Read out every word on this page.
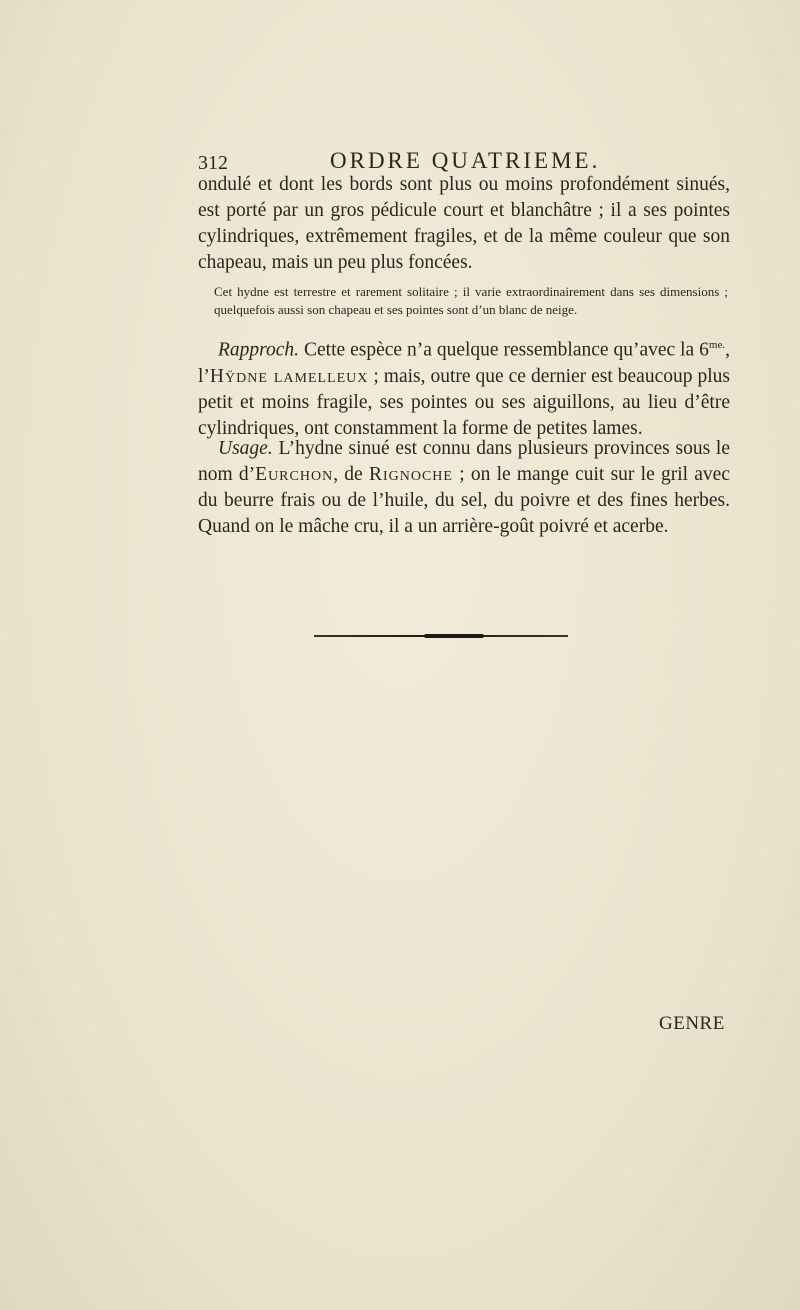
312	ORDRE QUATRIEME.

ondulé et dont les bords sont plus ou moins profondément sinués, est porté par un gros pédicule court et blanchâtre ; il a ses pointes cylindriques, extrêmement fragiles, et de la même couleur que son chapeau, mais un peu plus foncées.

Cet hydne est terrestre et rarement solitaire ; il varie extraordinairement dans ses dimensions ; quelquefois aussi son chapeau et ses pointes sont d’un blanc de neige.

Rapproch. Cette espèce n’a quelque ressemblance qu’avec la $6^{me.}$, l’Hÿdne lamelleux ; mais, outre que ce dernier est beaucoup plus petit et moins fragile, ses pointes ou ses aiguillons, au lieu d’être cylindriques, ont constamment la forme de petites lames.

Usage. L’hydne sinué est connu dans plusieurs provinces sous le nom d’Eurchon, de Rignoche ; on le mange cuit sur le gril avec du beurre frais ou de l’huile, du sel, du poivre et des fines herbes. Quand on le mâche cru, il a un arrière-goût poivré et acerbe.

GENRE
